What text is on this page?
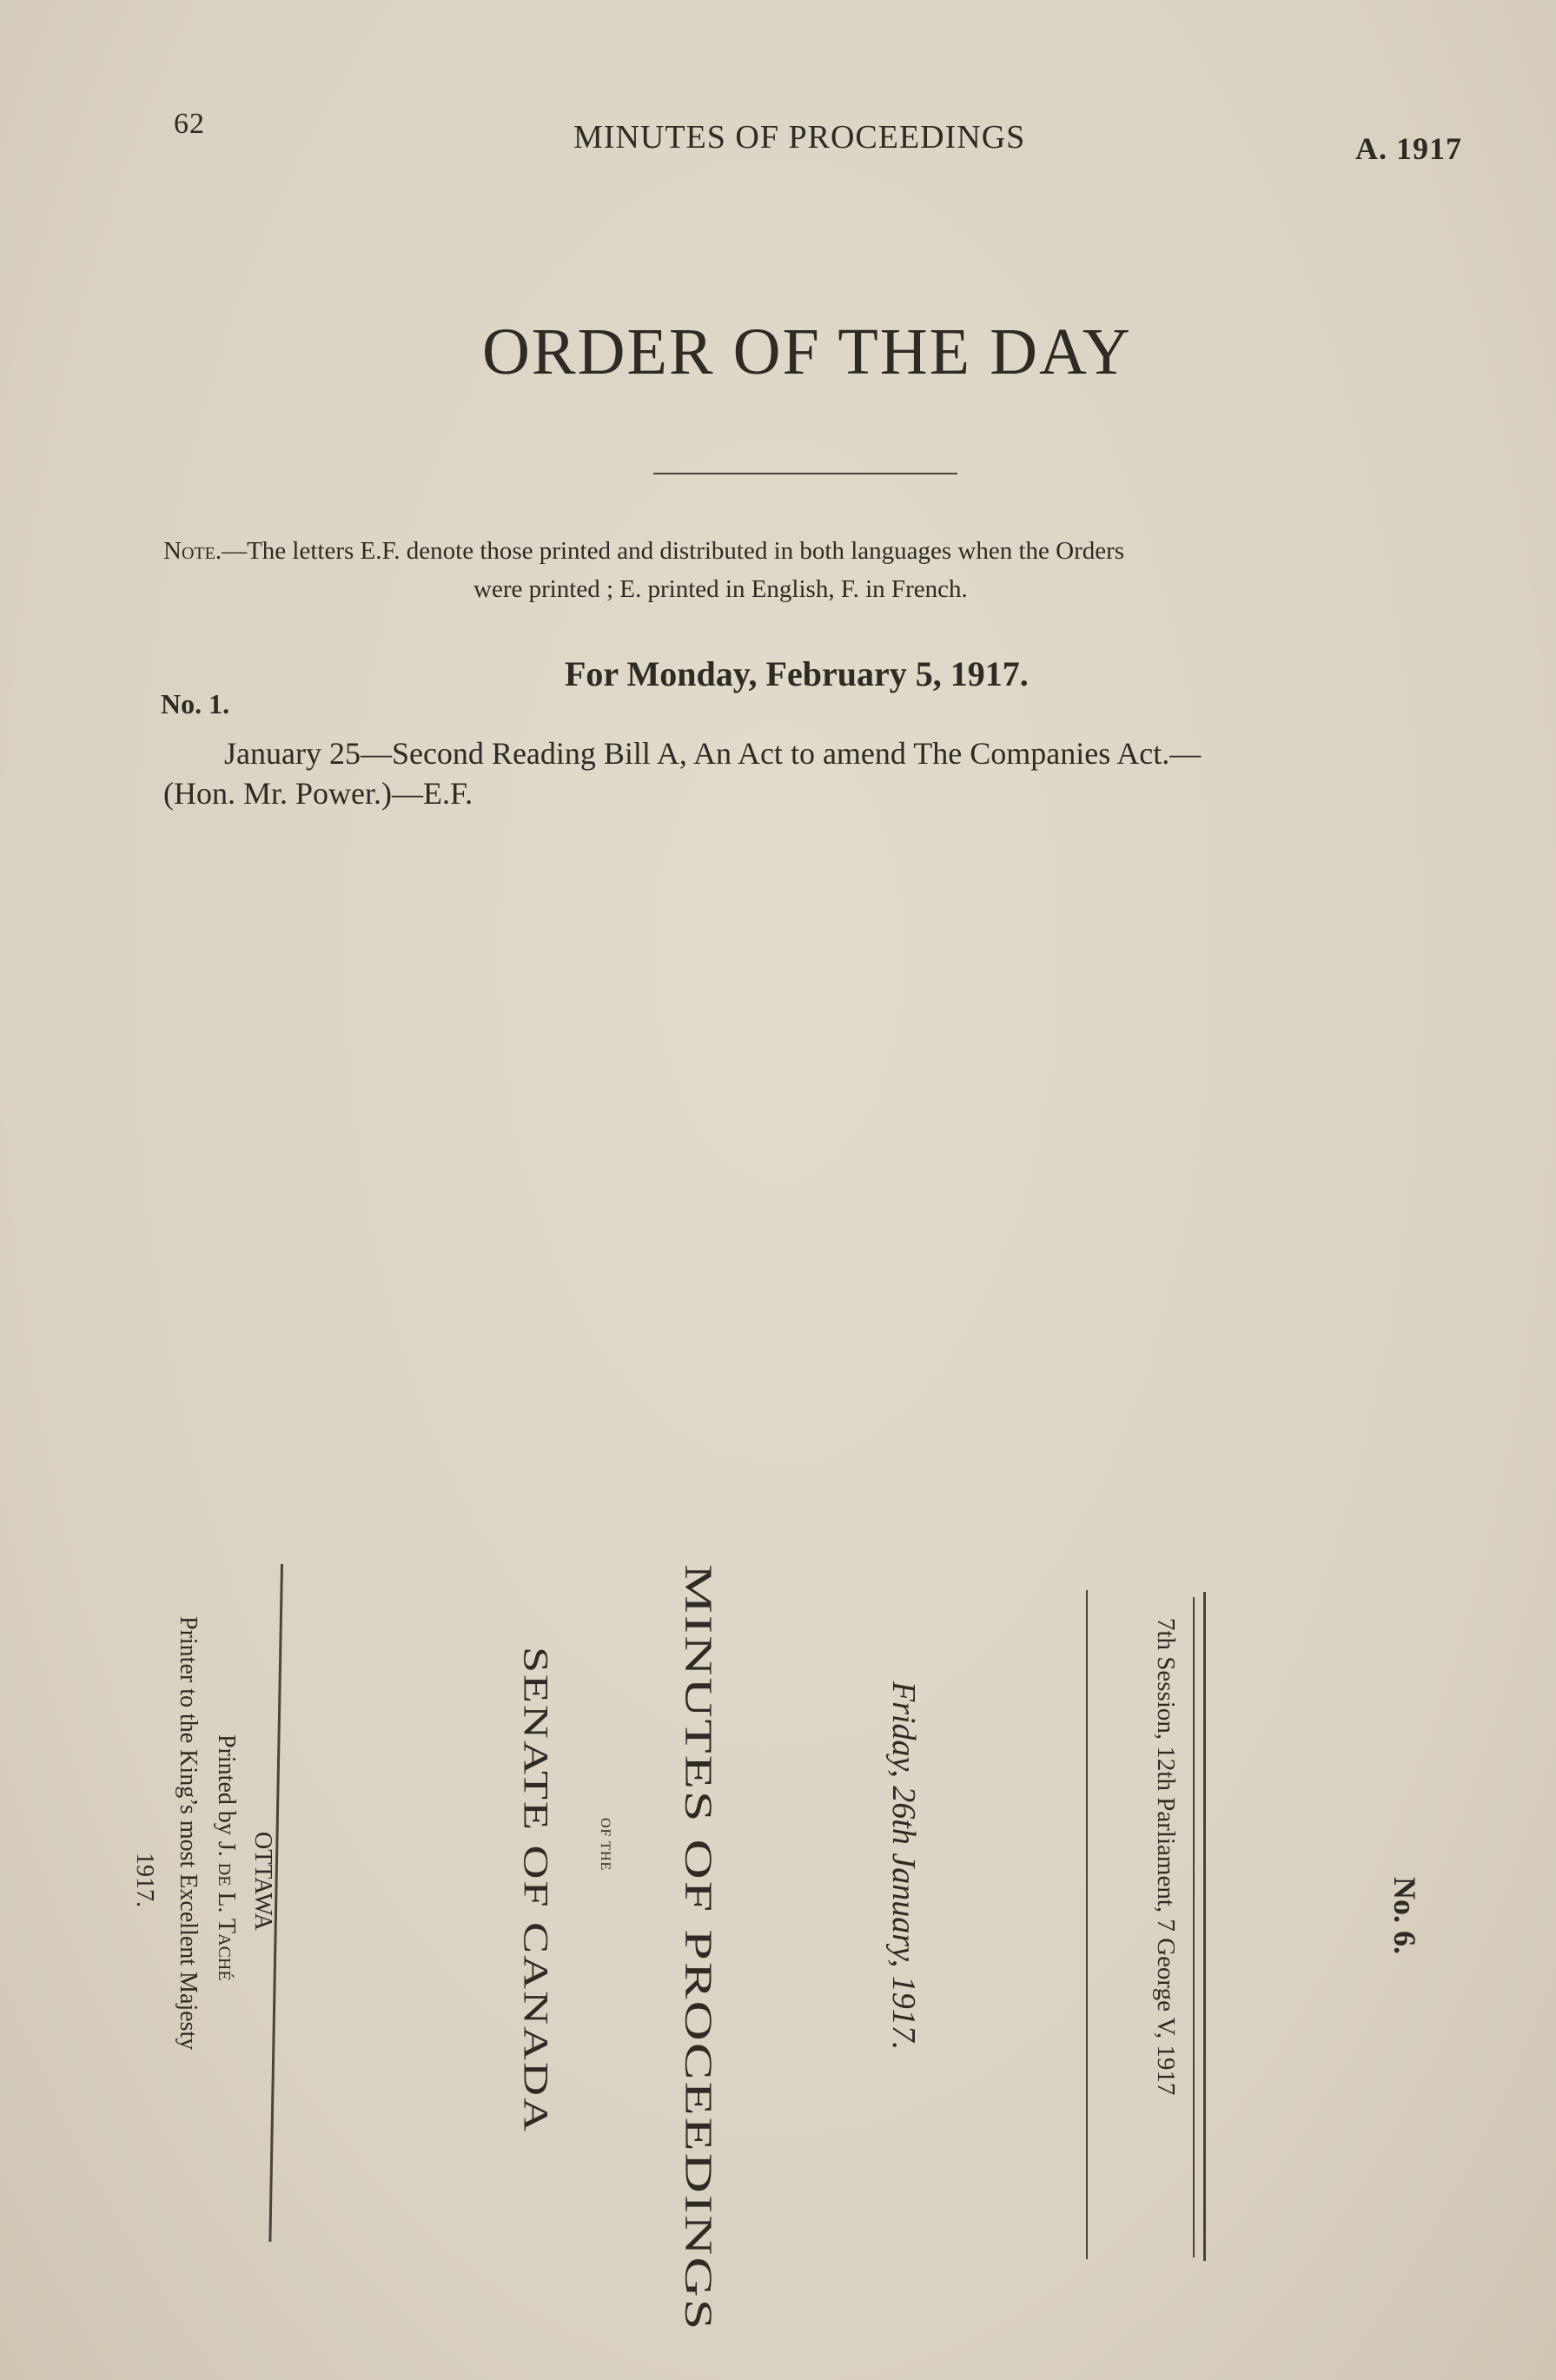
62	MINUTES OF PROCEEDINGS	A. 1917
ORDER OF THE DAY
Note.—The letters E.F. denote those printed and distributed in both languages when the Orders
were printed ; E. printed in English, F. in French.
For Monday, February 5, 1917.
No. 1.
January 25—Second Reading Bill A, An Act to amend The Companies Act.—
(Hon. Mr. Power.)—E.F.
No. 6.
7th Session, 12th Parliament, 7 George V, 1917
Friday, 26th January, 1917.
MINUTES OF PROCEEDINGS
OF THE
SENATE OF CANADA
OTTAWA
Printed by J. de L. Taché
Printer to the King’s most Excellent Majesty
1917.
